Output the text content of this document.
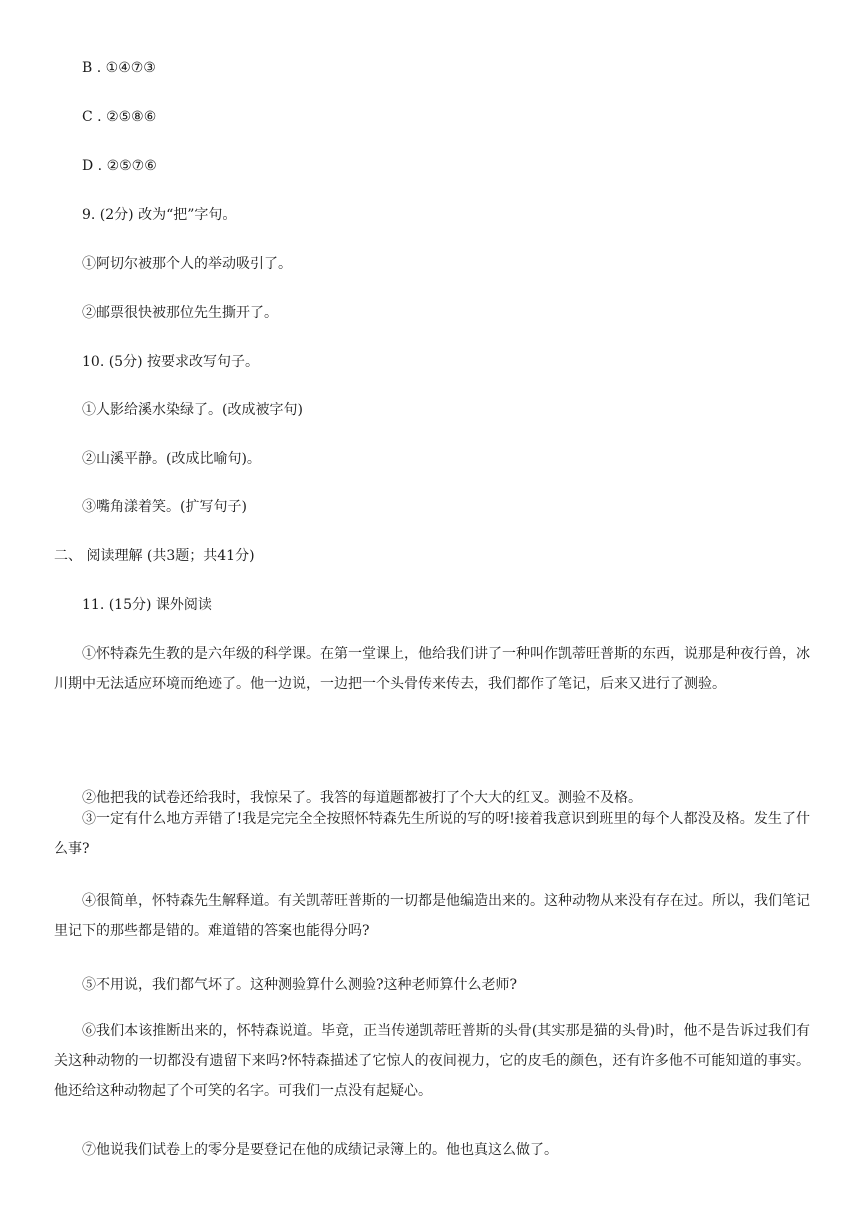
B . ①④⑦③
C . ②⑤⑧⑥
D . ②⑤⑦⑥
9. (2分) 改为“把”字句。
①阿切尔被那个人的举动吸引了。
②邮票很快被那位先生撕开了。
10. (5分) 按要求改写句子。
①人影给溪水染绿了。(改成被字句)
②山溪平静。(改成比喻句)。
③嘴角漾着笑。(扩写句子)
二、 阅读理解 (共3题；共41分)
11. (15分) 课外阅读
①怀特森先生教的是六年级的科学课。在第一堂课上，他给我们讲了一种叫作凯蒂旺普斯的东西，说那是种夜行兽，冰川期中无法适应环境而绝迹了。他一边说，一边把一个头骨传来传去，我们都作了笔记，后来又进行了测验。
②他把我的试卷还给我时，我惊呆了。我答的每道题都被打了个大大的红叉。测验不及格。
③一定有什么地方弄错了!我是完完全全按照怀特森先生所说的写的呀!接着我意识到班里的每个人都没及格。发生了什么事?
④很简单，怀特森先生解释道。有关凯蒂旺普斯的一切都是他编造出来的。这种动物从来没有存在过。所以，我们笔记里记下的那些都是错的。难道错的答案也能得分吗?
⑤不用说，我们都气坏了。这种测验算什么测验?这种老师算什么老师?
⑥我们本该推断出来的，怀特森说道。毕竟，正当传递凯蒂旺普斯的头骨(其实那是猫的头骨)时，他不是告诉过我们有关这种动物的一切都没有遗留下来吗?怀特森描述了它惊人的夜间视力，它的皮毛的颜色，还有许多他不可能知道的事实。他还给这种动物起了个可笑的名字。可我们一点没有起疑心。
⑦他说我们试卷上的零分是要登记在他的成绩记录簿上的。他也真这么做了。
